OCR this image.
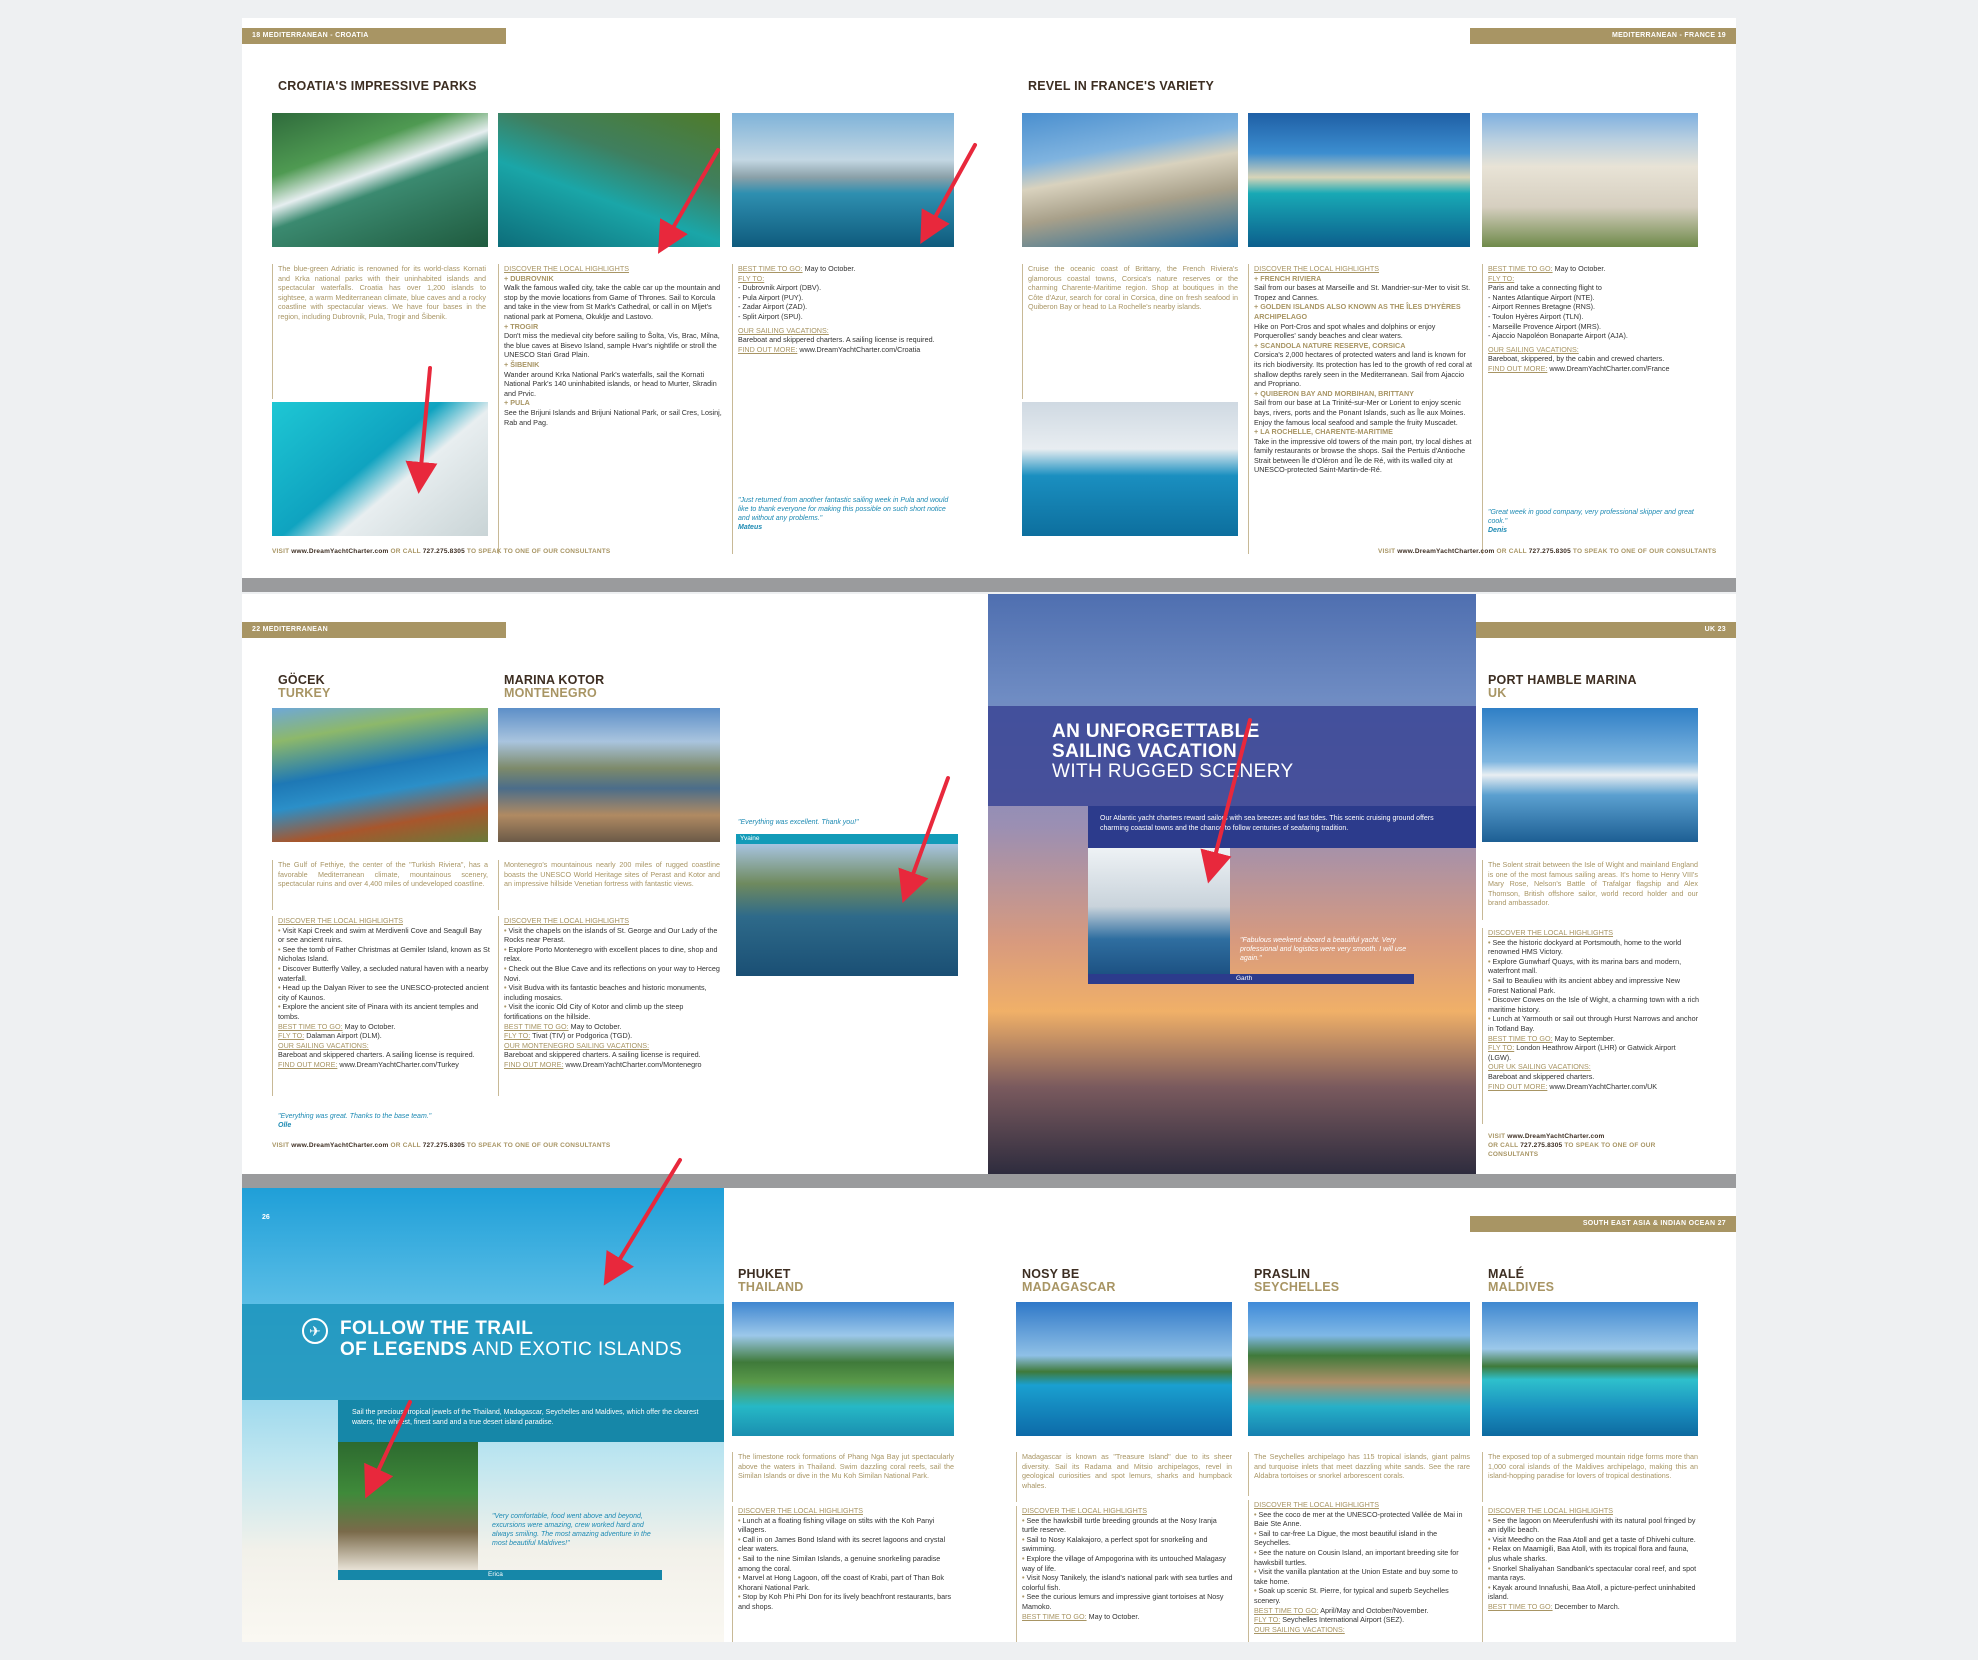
18 MEDITERRANEAN - CROATIA	MEDITERRANEAN - FRANCE 19
CROATIA'S IMPRESSIVE PARKS
The blue-green Adriatic is renowned for its world-class Kornati and Krka national parks with their uninhabited islands and spectacular waterfalls. Croatia has over 1,200 islands to sightsee, a warm Mediterranean climate, blue caves and a rocky coastline with spectacular views. We have four bases in the region, including Dubrovnik, Pula, Trogir and Šibenik.
DISCOVER THE LOCAL HIGHLIGHTS
+ DUBROVNIK
Walk the famous walled city, take the cable car up the mountain and stop by the movie locations from Game of Thrones. Sail to Korcula and take in the view from St Mark's Cathedral, or call in on Mljet's national park at Pomena, Okuklje and Lastovo.
+ TROGIR
Don't miss the medieval city before sailing to Šolta, Vis, Brac, Milna, the blue caves at Bisevo Island, sample Hvar's nightlife or stroll the UNESCO Stari Grad Plain.
+ ŠIBENIK
Wander around Krka National Park's waterfalls, sail the Kornati National Park's 140 uninhabited islands, or head to Murter, Skradin and Prvic.
+ PULA
See the Brijuni Islands and Brijuni National Park, or sail Cres, Losinj, Rab and Pag.
BEST TIME TO GO: May to October.
FLY TO:
- Dubrovnik Airport (DBV).
- Pula Airport (PUY).
- Zadar Airport (ZAD).
- Split Airport (SPU).
OUR SAILING VACATIONS:
Bareboat and skippered charters. A sailing license is required.
FIND OUT MORE: www.DreamYachtCharter.com/Croatia
"Just returned from another fantastic sailing week in Pula and would like to thank everyone for making this possible on such short notice and without any problems."
Mateus
VISIT www.DreamYachtCharter.com OR CALL 727.275.8305 TO SPEAK TO ONE OF OUR CONSULTANTS
REVEL IN FRANCE'S VARIETY
Cruise the oceanic coast of Brittany, the French Riviera's glamorous coastal towns, Corsica's nature reserves or the charming Charente-Maritime region. Shop at boutiques in the Côte d'Azur, search for coral in Corsica, dine on fresh seafood in Quiberon Bay or head to La Rochelle's nearby islands.
DISCOVER THE LOCAL HIGHLIGHTS
+ FRENCH RIVIERA
Sail from our bases at Marseille and St. Mandrier-sur-Mer to visit St. Tropez and Cannes.
+ GOLDEN ISLANDS ALSO KNOWN AS THE ÎLES D'HYÈRES ARCHIPELAGO
Hike on Port-Cros and spot whales and dolphins or enjoy Porquerolles' sandy beaches and clear waters.
+ SCANDOLA NATURE RESERVE, CORSICA
Corsica's 2,000 hectares of protected waters and land is known for its rich biodiversity. Its protection has led to the growth of red coral at shallow depths rarely seen in the Mediterranean. Sail from Ajaccio and Propriano.
+ QUIBERON BAY AND MORBIHAN, BRITTANY
Sail from our base at La Trinité-sur-Mer or Lorient to enjoy scenic bays, rivers, ports and the Ponant Islands, such as Île aux Moines. Enjoy the famous local seafood and sample the fruity Muscadet.
+ LA ROCHELLE, CHARENTE-MARITIME
Take in the impressive old towers of the main port, try local dishes at family restaurants or browse the shops. Sail the Pertuis d'Antioche Strait between Île d'Oléron and Île de Ré, with its walled city at UNESCO-protected Saint-Martin-de-Ré.
BEST TIME TO GO: May to October.
FLY TO:
Paris and take a connecting flight to
- Nantes Atlantique Airport (NTE).
- Airport Rennes Bretagne (RNS).
- Toulon Hyères Airport (TLN).
- Marseille Provence Airport (MRS).
- Ajaccio Napoléon Bonaparte Airport (AJA).
OUR SAILING VACATIONS:
Bareboat, skippered, by the cabin and crewed charters.
FIND OUT MORE: www.DreamYachtCharter.com/France
"Great week in good company, very professional skipper and great cook."
Denis
VISIT www.DreamYachtCharter.com OR CALL 727.275.8305 TO SPEAK TO ONE OF OUR CONSULTANTS
22 MEDITERRANEAN	UK 23
GÖCEK
TURKEY
The Gulf of Fethiye, the center of the "Turkish Riviera", has a favorable Mediterranean climate, mountainous scenery, spectacular ruins and over 4,400 miles of undeveloped coastline.
DISCOVER THE LOCAL HIGHLIGHTS
• Visit Kapi Creek and swim at Merdivenli Cove and Seagull Bay or see ancient ruins.
• See the tomb of Father Christmas at Gemiler Island, known as St Nicholas Island.
• Discover Butterfly Valley, a secluded natural haven with a nearby waterfall.
• Head up the Dalyan River to see the UNESCO-protected ancient city of Kaunos.
• Explore the ancient site of Pinara with its ancient temples and tombs.
BEST TIME TO GO: May to October.
FLY TO: Dalaman Airport (DLM).
OUR SAILING VACATIONS:
Bareboat and skippered charters. A sailing license is required.
FIND OUT MORE: www.DreamYachtCharter.com/Turkey
"Everything was great. Thanks to the base team."
Olle
MARINA KOTOR
MONTENEGRO
Montenegro's mountainous nearly 200 miles of rugged coastline boasts the UNESCO World Heritage sites of Perast and Kotor and an impressive hillside Venetian fortress with fantastic views.
DISCOVER THE LOCAL HIGHLIGHTS
• Visit the chapels on the islands of St. George and Our Lady of the Rocks near Perast.
• Explore Porto Montenegro with excellent places to dine, shop and relax.
• Check out the Blue Cave and its reflections on your way to Herceg Novi.
• Visit Budva with its fantastic beaches and historic monuments, including mosaics.
• Visit the iconic Old City of Kotor and climb up the steep fortifications on the hillside.
BEST TIME TO GO: May to October.
FLY TO: Tivat (TIV) or Podgorica (TGD).
OUR MONTENEGRO SAILING VACATIONS:
Bareboat and skippered charters. A sailing license is required.
FIND OUT MORE: www.DreamYachtCharter.com/Montenegro
"Everything was excellent. Thank you!"
Yvaine
VISIT www.DreamYachtCharter.com OR CALL 727.275.8305 TO SPEAK TO ONE OF OUR CONSULTANTS
AN UNFORGETTABLE
SAILING VACATION
WITH RUGGED SCENERY
Our Atlantic yacht charters reward sailors with sea breezes and fast tides. This scenic cruising ground offers charming coastal towns and the chance to follow centuries of seafaring tradition.
"Fabulous weekend aboard a beautiful yacht. Very professional and logistics were very smooth. I will use again."
Garth
PORT HAMBLE MARINA
UK
The Solent strait between the Isle of Wight and mainland England is one of the most famous sailing areas. It's home to Henry VIII's Mary Rose, Nelson's Battle of Trafalgar flagship and Alex Thomson, British offshore sailor, world record holder and our brand ambassador.
DISCOVER THE LOCAL HIGHLIGHTS
• See the historic dockyard at Portsmouth, home to the world renowned HMS Victory.
• Explore Gunwharf Quays, with its marina bars and modern, waterfront mall.
• Sail to Beaulieu with its ancient abbey and impressive New Forest National Park.
• Discover Cowes on the Isle of Wight, a charming town with a rich maritime history.
• Lunch at Yarmouth or sail out through Hurst Narrows and anchor in Totland Bay.
BEST TIME TO GO: May to September.
FLY TO: London Heathrow Airport (LHR) or Gatwick Airport (LGW).
OUR UK SAILING VACATIONS:
Bareboat and skippered charters.
FIND OUT MORE: www.DreamYachtCharter.com/UK
VISIT www.DreamYachtCharter.com
OR CALL 727.275.8305 TO SPEAK TO ONE OF OUR CONSULTANTS
26
✈	FOLLOW THE TRAIL
OF LEGENDS AND EXOTIC ISLANDS
Sail the precious, tropical jewels of the Thailand, Madagascar, Seychelles and Maldives, which offer the clearest waters, the whitest, finest sand and a true desert island paradise.
"Very comfortable, food went above and beyond, excursions were amazing, crew worked hard and always smiling. The most amazing adventure in the most beautiful Maldives!"
Erica
SOUTH EAST ASIA & INDIAN OCEAN 27
PHUKET
THAILAND
The limestone rock formations of Phang Nga Bay jut spectacularly above the waters in Thailand. Swim dazzling coral reefs, sail the Similan Islands or dive in the Mu Koh Similan National Park.
DISCOVER THE LOCAL HIGHLIGHTS
• Lunch at a floating fishing village on stilts with the Koh Panyi villagers.
• Call in on James Bond Island with its secret lagoons and crystal clear waters.
• Sail to the nine Similan Islands, a genuine snorkeling paradise among the coral.
• Marvel at Hong Lagoon, off the coast of Krabi, part of Than Bok Khorani National Park.
• Stop by Koh Phi Phi Don for its lively beachfront restaurants, bars and shops.
NOSY BE
MADAGASCAR
Madagascar is known as "Treasure Island" due to its sheer diversity. Sail its Radama and Mitsio archipelagos, revel in geological curiosities and spot lemurs, sharks and humpback whales.
DISCOVER THE LOCAL HIGHLIGHTS
• See the hawksbill turtle breeding grounds at the Nosy Iranja turtle reserve.
• Sail to Nosy Kalakajoro, a perfect spot for snorkeling and swimming.
• Explore the village of Ampogorina with its untouched Malagasy way of life.
• Visit Nosy Tanikely, the island's national park with sea turtles and colorful fish.
• See the curious lemurs and impressive giant tortoises at Nosy Mamoko.
BEST TIME TO GO: May to October.
PRASLIN
SEYCHELLES
The Seychelles archipelago has 115 tropical islands, giant palms and turquoise inlets that meet dazzling white sands. See the rare Aldabra tortoises or snorkel arborescent corals.
DISCOVER THE LOCAL HIGHLIGHTS
• See the coco de mer at the UNESCO-protected Vallée de Mai in Baie Ste Anne.
• Sail to car-free La Digue, the most beautiful island in the Seychelles.
• See the nature on Cousin Island, an important breeding site for hawksbill turtles.
• Visit the vanilla plantation at the Union Estate and buy some to take home.
• Soak up scenic St. Pierre, for typical and superb Seychelles scenery.
BEST TIME TO GO: April/May and October/November.
FLY TO: Seychelles International Airport (SEZ).
OUR SAILING VACATIONS:
MALÉ
MALDIVES
The exposed top of a submerged mountain ridge forms more than 1,000 coral islands of the Maldives archipelago, making this an island-hopping paradise for lovers of tropical destinations.
DISCOVER THE LOCAL HIGHLIGHTS
• See the lagoon on Meerufenfushi with its natural pool fringed by an idyllic beach.
• Visit Meedho on the Raa Atoll and get a taste of Dhivehi culture.
• Relax on Maamigili, Baa Atoll, with its tropical flora and fauna, plus whale sharks.
• Snorkel Shaliyahan Sandbank's spectacular coral reef, and spot manta rays.
• Kayak around Innafushi, Baa Atoll, a picture-perfect uninhabited island.
BEST TIME TO GO: December to March.
